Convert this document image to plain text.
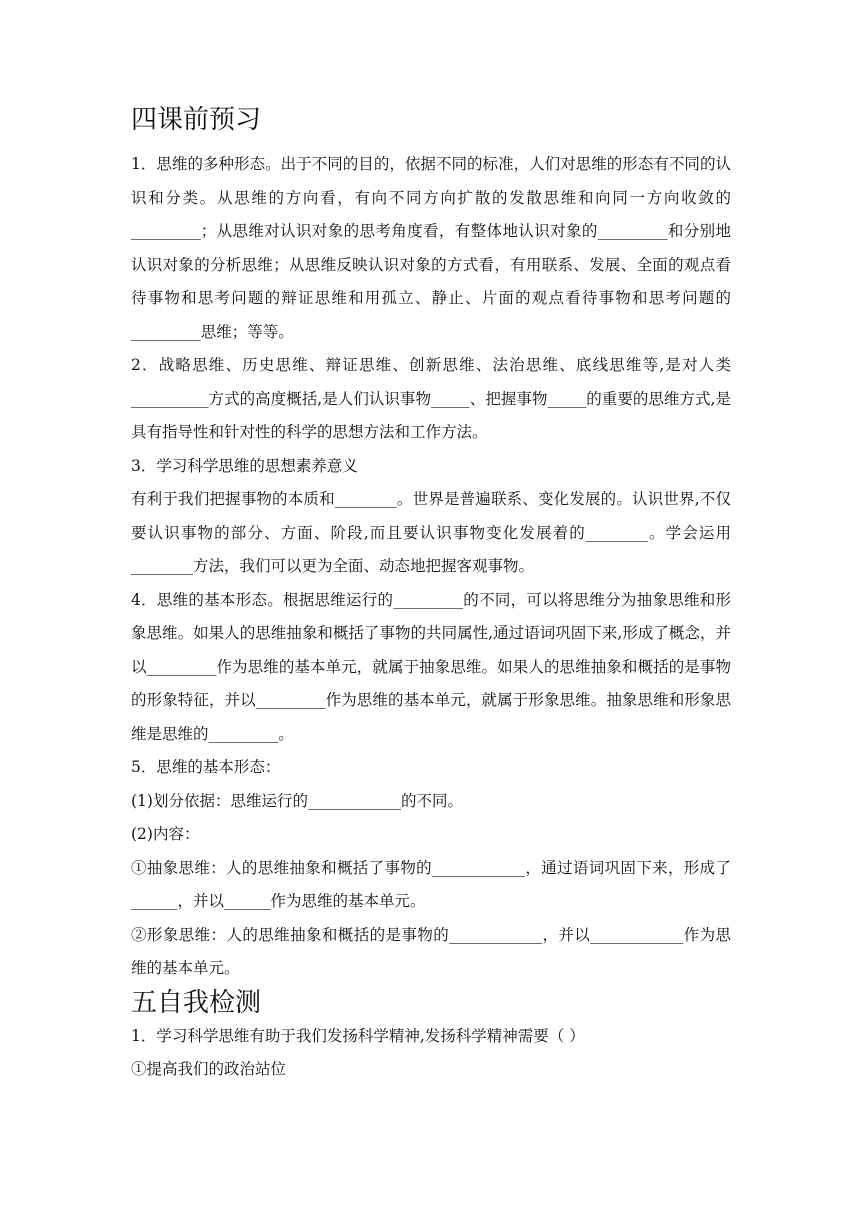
四课前预习

1．思维的多种形态。出于不同的目的，依据不同的标准，人们对思维的形态有不同的认识和分类。从思维的方向看，有向不同方向扩散的发散思维和向同一方向收敛的_________；从思维对认识对象的思考角度看，有整体地认识对象的_________和分别地认识对象的分析思维；从思维反映认识对象的方式看，有用联系、发展、全面的观点看待事物和思考问题的辩证思维和用孤立、静止、片面的观点看待事物和思考问题的_________思维；等等。

2．战略思维、历史思维、辩证思维、创新思维、法治思维、底线思维等,是对人类__________方式的高度概括,是人们认识事物_____、把握事物_____的重要的思维方式,是具有指导性和针对性的科学的思想方法和工作方法。

3．学习科学思维的思想素养意义

有利于我们把握事物的本质和________。世界是普遍联系、变化发展的。认识世界,不仅要认识事物的部分、方面、阶段,而且要认识事物变化发展着的________。学会运用________方法，我们可以更为全面、动态地把握客观事物。

4．思维的基本形态。根据思维运行的_________的不同，可以将思维分为抽象思维和形象思维。如果人的思维抽象和概括了事物的共同属性,通过语词巩固下来,形成了概念，并以_________作为思维的基本单元，就属于抽象思维。如果人的思维抽象和概括的是事物的形象特征，并以_________作为思维的基本单元，就属于形象思维。抽象思维和形象思维是思维的_________。

5．思维的基本形态：

(1)划分依据：思维运行的____________的不同。

(2)内容：

①抽象思维：人的思维抽象和概括了事物的____________，通过语词巩固下来，形成了______，并以______作为思维的基本单元。

②形象思维：人的思维抽象和概括的是事物的____________，并以____________作为思维的基本单元。

五自我检测

1．学习科学思维有助于我们发扬科学精神,发扬科学精神需要（ ）

①提高我们的政治站位
